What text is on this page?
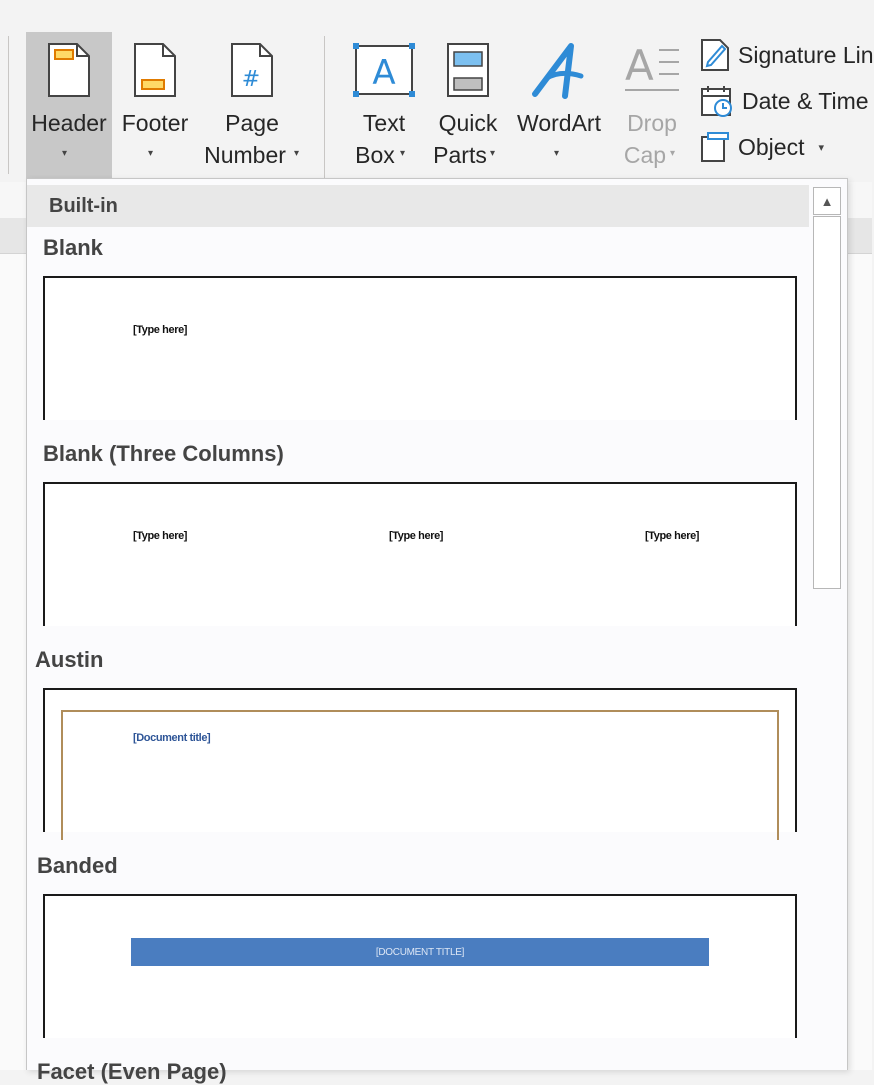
Header
▾
Footer
▾
#
Page
Number ▾
A
Text
Box ▾
Quick
Parts ▾
WordArt
▾
A
Drop
Cap ▾
Signature Lin
Date & Time
Object ▾
Built-in
Blank
[Type here]
Blank (Three Columns)
[Type here]	[Type here]	[Type here]
Austin
[Document title]
Banded
[DOCUMENT TITLE]
Facet (Even Page)
▲
